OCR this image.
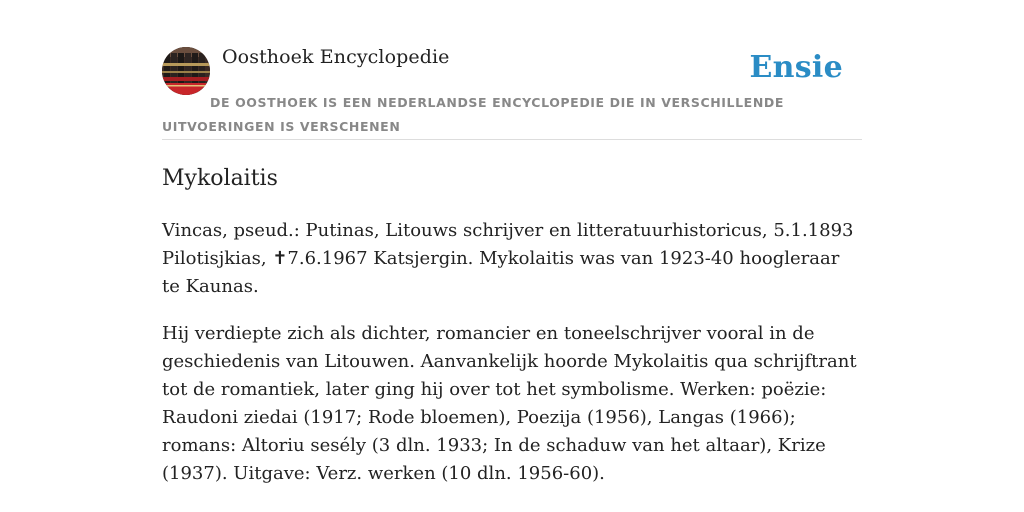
Oosthoek Encyclopedie	Ensie
DE OOSTHOEK IS EEN NEDERLANDSE ENCYCLOPEDIE DIE IN VERSCHILLENDE UITVOERINGEN IS VERSCHENEN
Mykolaitis

Vincas, pseud.: Putinas, Litouws schrijver en litteratuurhistoricus, 5.1.1893 Pilotisjkias, ✝7.6.1967 Katsjergin. Mykolaitis was van 1923-40 hoogleraar te Kaunas.

Hij verdiepte zich als dichter, romancier en toneelschrijver vooral in de geschiedenis van Litouwen. Aanvankelijk hoorde Mykolaitis qua schrijftrant tot de romantiek, later ging hij over tot het symbolisme. Werken: poëzie: Raudoni ziedai (1917; Rode bloemen), Poezija (1956), Langas (1966); romans: Altoriu sesély (3 dln. 1933; In de schaduw van het altaar), Krize (1937). Uitgave: Verz. werken (10 dln. 1956-60).
